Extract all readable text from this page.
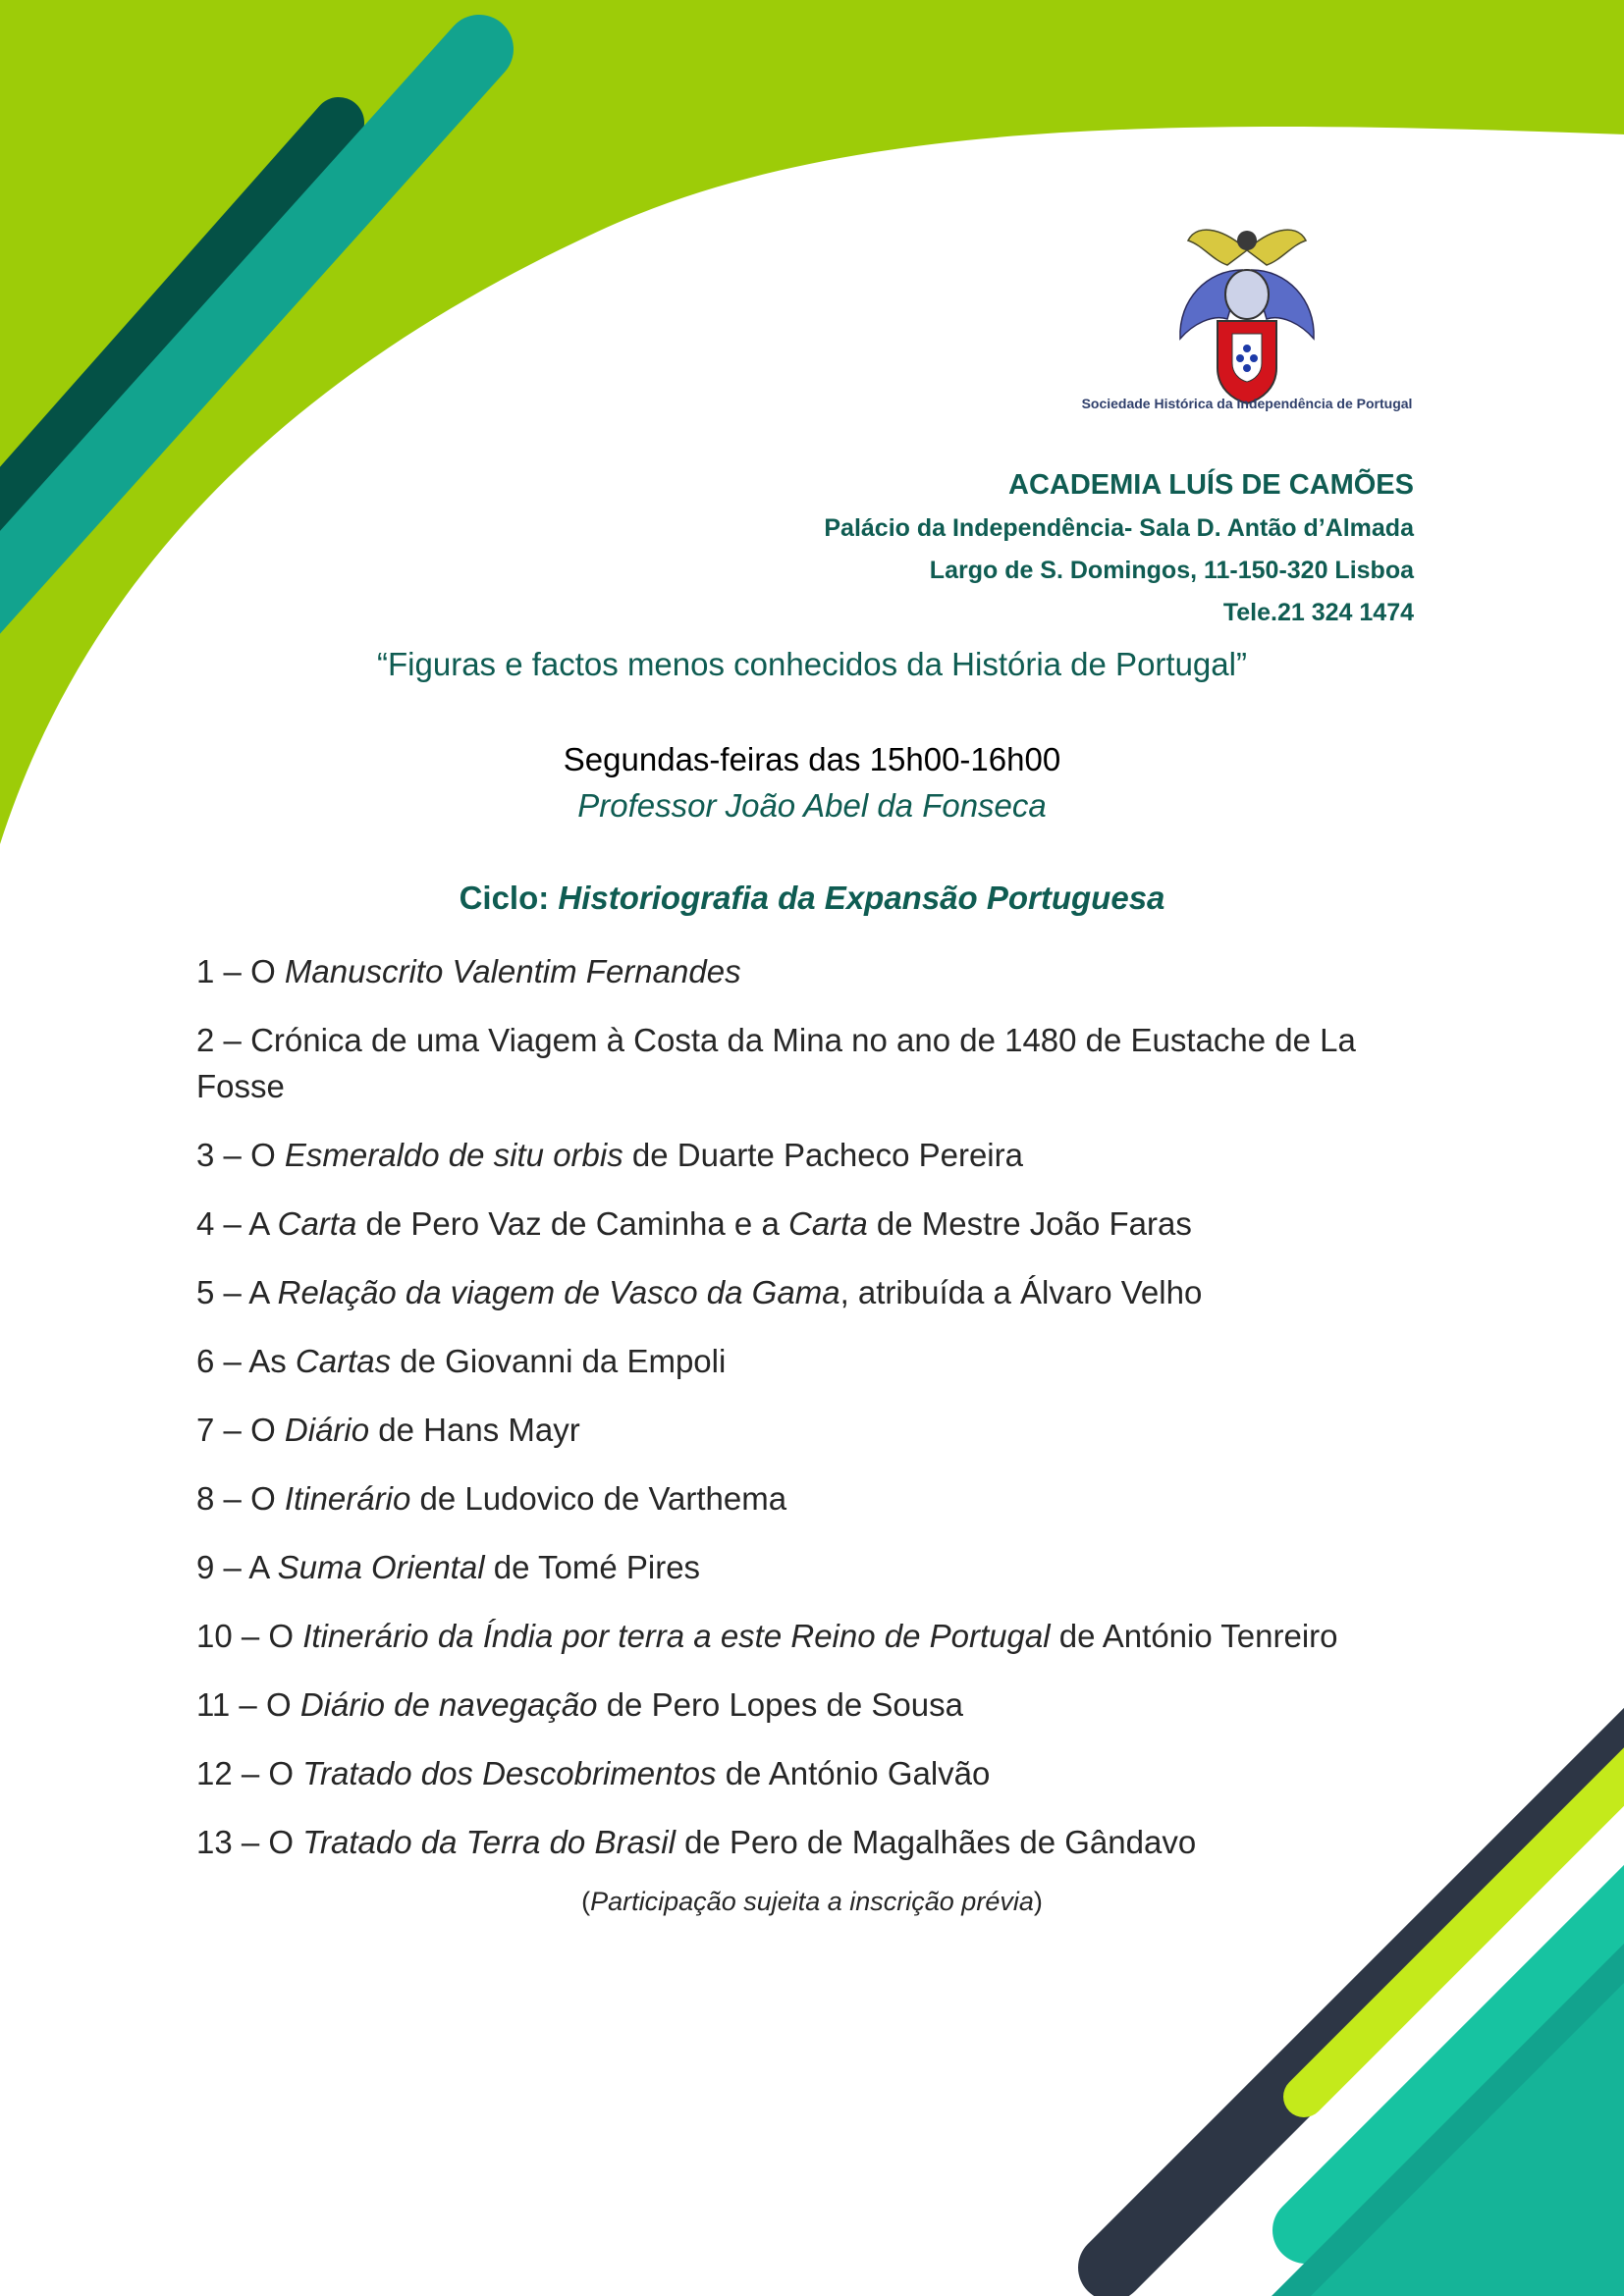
Sociedade Histórica da Independência de Portugal
ACADEMIA LUÍS DE CAMÕES
Palácio da Independência- Sala D. Antão d’Almada
Largo de S. Domingos, 11-150-320 Lisboa
Tele.21 324 1474
“Figuras e factos menos conhecidos da História de Portugal”
Segundas-feiras das 15h00-16h00
Professor João Abel da Fonseca
Ciclo: Historiografia da Expansão Portuguesa
1 – O Manuscrito Valentim Fernandes
2 – Crónica de uma Viagem à Costa da Mina no ano de 1480 de Eustache de La Fosse
3 – O Esmeraldo de situ orbis de Duarte Pacheco Pereira
4 – A Carta de Pero Vaz de Caminha e a Carta de Mestre João Faras
5 – A Relação da viagem de Vasco da Gama, atribuída a Álvaro Velho
6 – As Cartas de Giovanni da Empoli
7 – O Diário de Hans Mayr
8 – O Itinerário de Ludovico de Varthema
9 – A Suma Oriental de Tomé Pires
10 – O Itinerário da Índia por terra a este Reino de Portugal de António Tenreiro
11 – O Diário de navegação de Pero Lopes de Sousa
12 – O Tratado dos Descobrimentos de António Galvão
13 – O Tratado da Terra do Brasil de Pero de Magalhães de Gândavo
(Participação sujeita a inscrição prévia)
